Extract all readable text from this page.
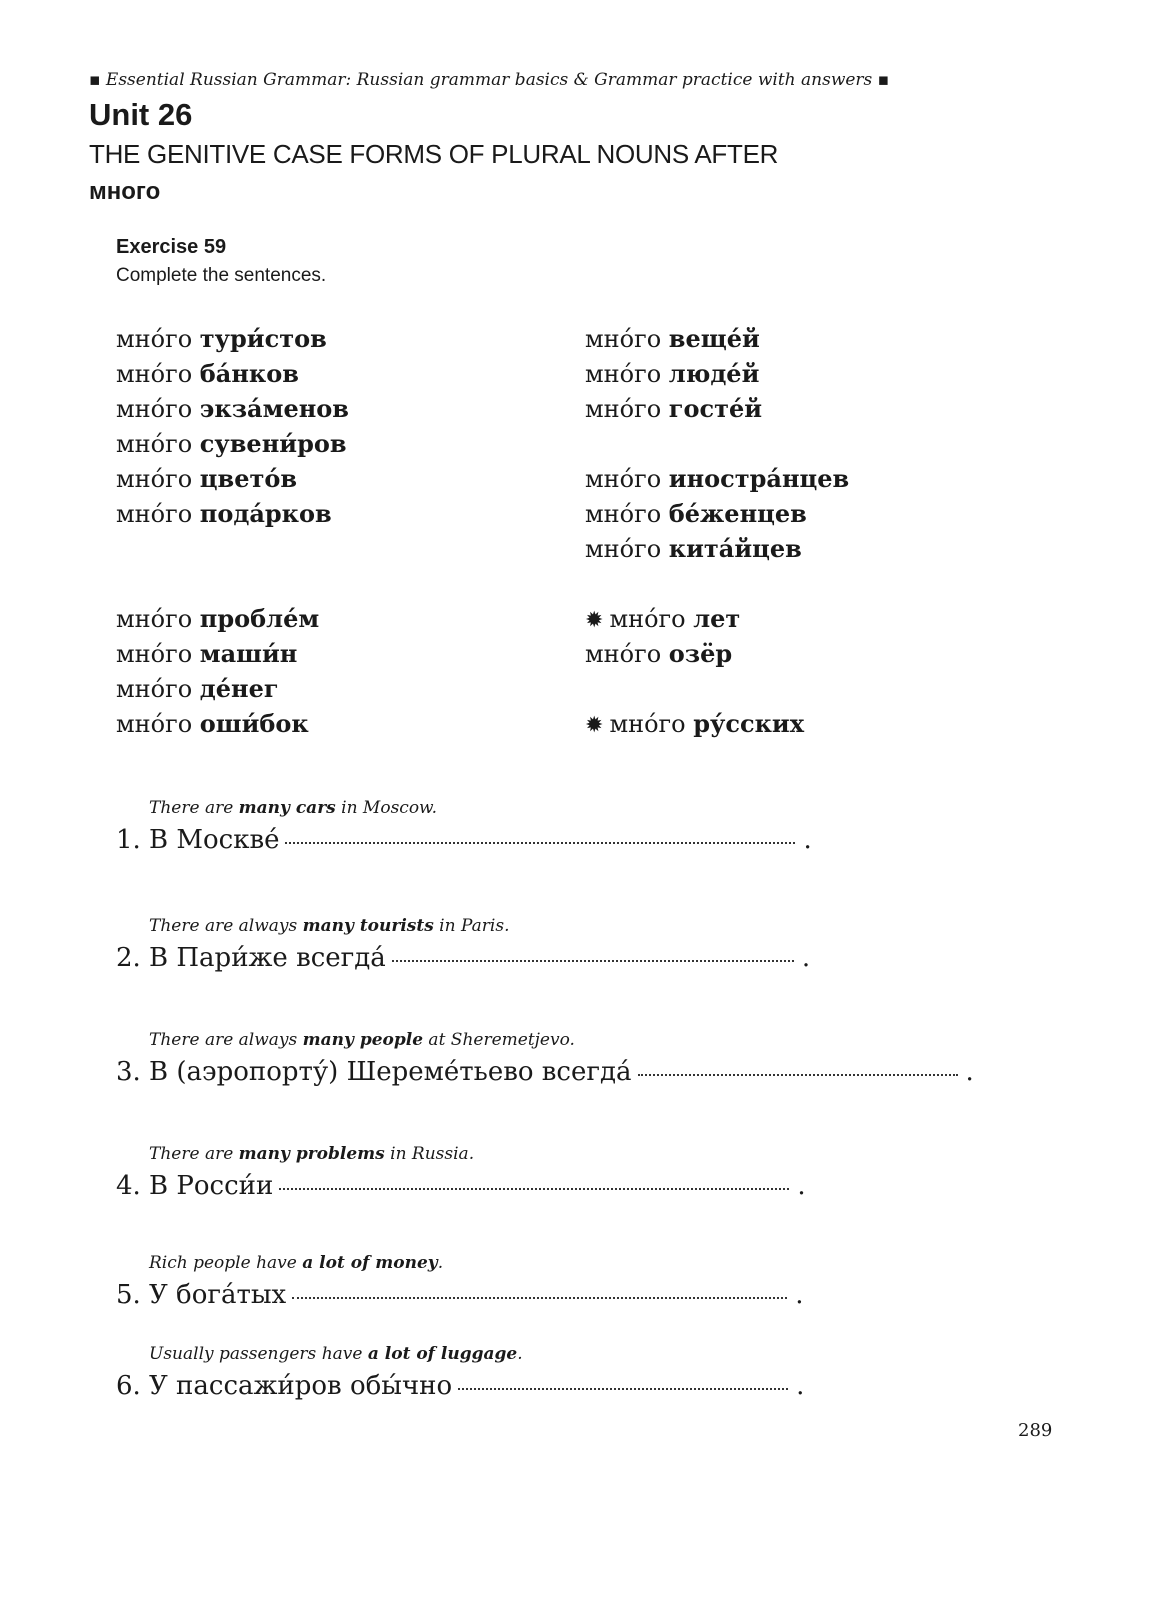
▪ Essential Russian Grammar: Russian grammar basics & Grammar practice with answers ▪
Unit 26
THE GENITIVE CASE FORMS OF PLURAL NOUNS AFTER
много
Exercise 59
Complete the sentences.
мно́го тури́стов
мно́го ба́нков
мно́го экза́менов
мно́го сувени́ров
мно́го цвето́в
мно́го пода́рков
мно́го пробле́м
мно́го маши́н
мно́го де́нег
мно́го оши́бок
мно́го веще́й
мно́го люде́й
мно́го госте́й
мно́го иностра́нцев
мно́го бе́женцев
мно́го кита́йцев
✹ мно́го лет
мно́го озёр
✹ мно́го ру́сских
There are many cars in Moscow.
1. В Москве́	.
There are always many tourists in Paris.
2. В Пари́же всегда́	.
There are always many people at Sheremetjevo.
3. В (аэропорту́) Шереме́тьево всегда́	.
There are many problems in Russia.
4. В Росси́и	.
Rich people have a lot of money.
5. У бога́тых	.
Usually passengers have a lot of luggage.
6. У пассажи́ров обы́чно	.
289
